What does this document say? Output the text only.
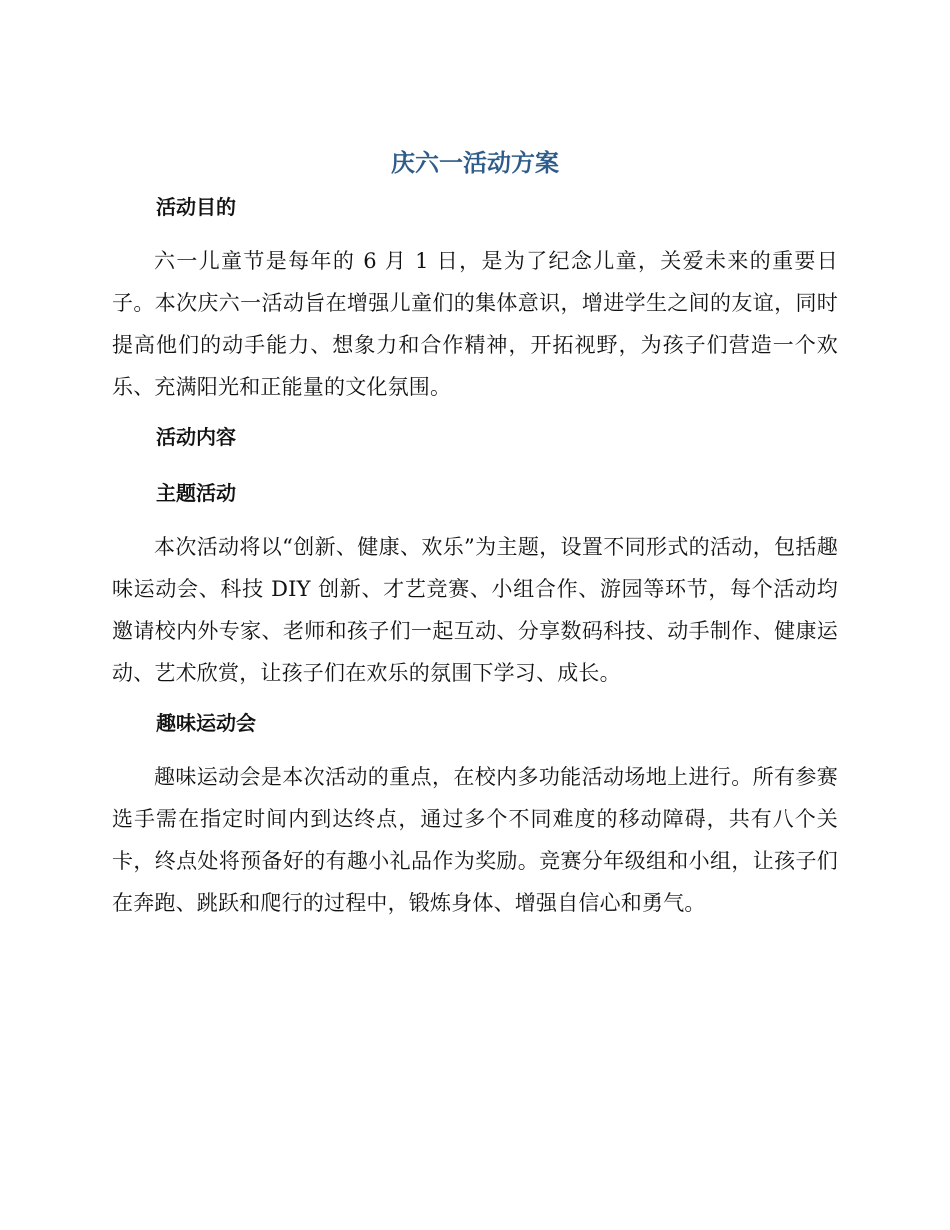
庆六一活动方案
活动目的

六一儿童节是每年的 6 月 1 日，是为了纪念儿童，关爱未来的重要日子。本次庆六一活动旨在增强儿童们的集体意识，增进学生之间的友谊，同时提高他们的动手能力、想象力和合作精神，开拓视野，为孩子们营造一个欢乐、充满阳光和正能量的文化氛围。

活动内容
主题活动

本次活动将以“创新、健康、欢乐”为主题，设置不同形式的活动，包括趣味运动会、科技 DIY 创新、才艺竞赛、小组合作、游园等环节，每个活动均邀请校内外专家、老师和孩子们一起互动、分享数码科技、动手制作、健康运动、艺术欣赏，让孩子们在欢乐的氛围下学习、成长。

趣味运动会

趣味运动会是本次活动的重点，在校内多功能活动场地上进行。所有参赛选手需在指定时间内到达终点，通过多个不同难度的移动障碍，共有八个关卡，终点处将预备好的有趣小礼品作为奖励。竞赛分年级组和小组，让孩子们在奔跑、跳跃和爬行的过程中，锻炼身体、增强自信心和勇气。
